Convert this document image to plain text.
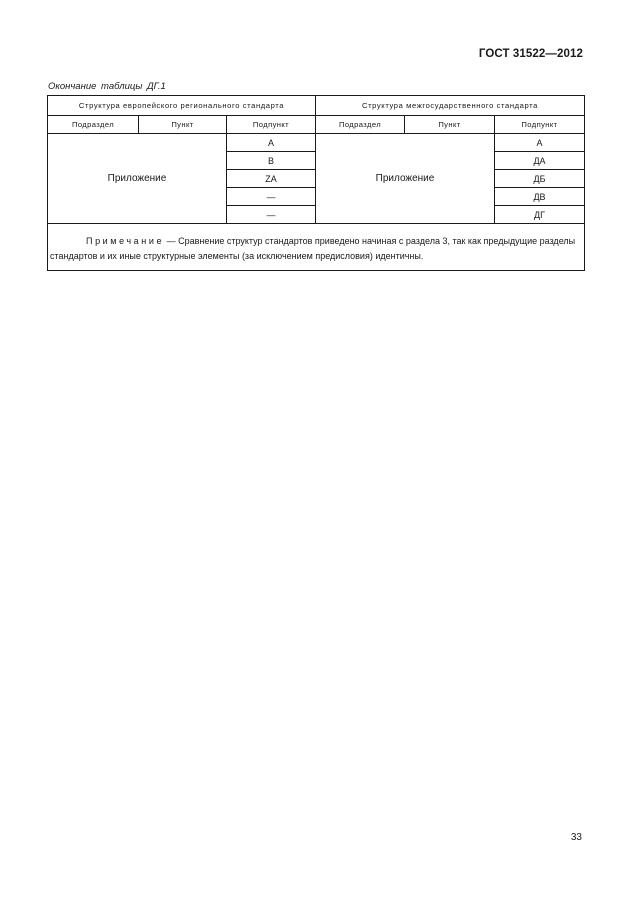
ГОСТ 31522—2012
Окончание таблицы ДГ.1
Структура европейского регионального стандарта			Структура межгосударственного стандарта		
Подраздел	Пункт	Подпункт	Подраздел	Пункт	Подпункт
Приложение		A	Приложение		А
		B			ДА
		ZA			ДБ
		—			ДВ
		—			ДГ
Примечание — Сравнение структур стандартов приведено начиная с раздела 3, так как предыдущие разделы стандартов и их иные структурные элементы (за исключением предисловия) идентичны.					
33
